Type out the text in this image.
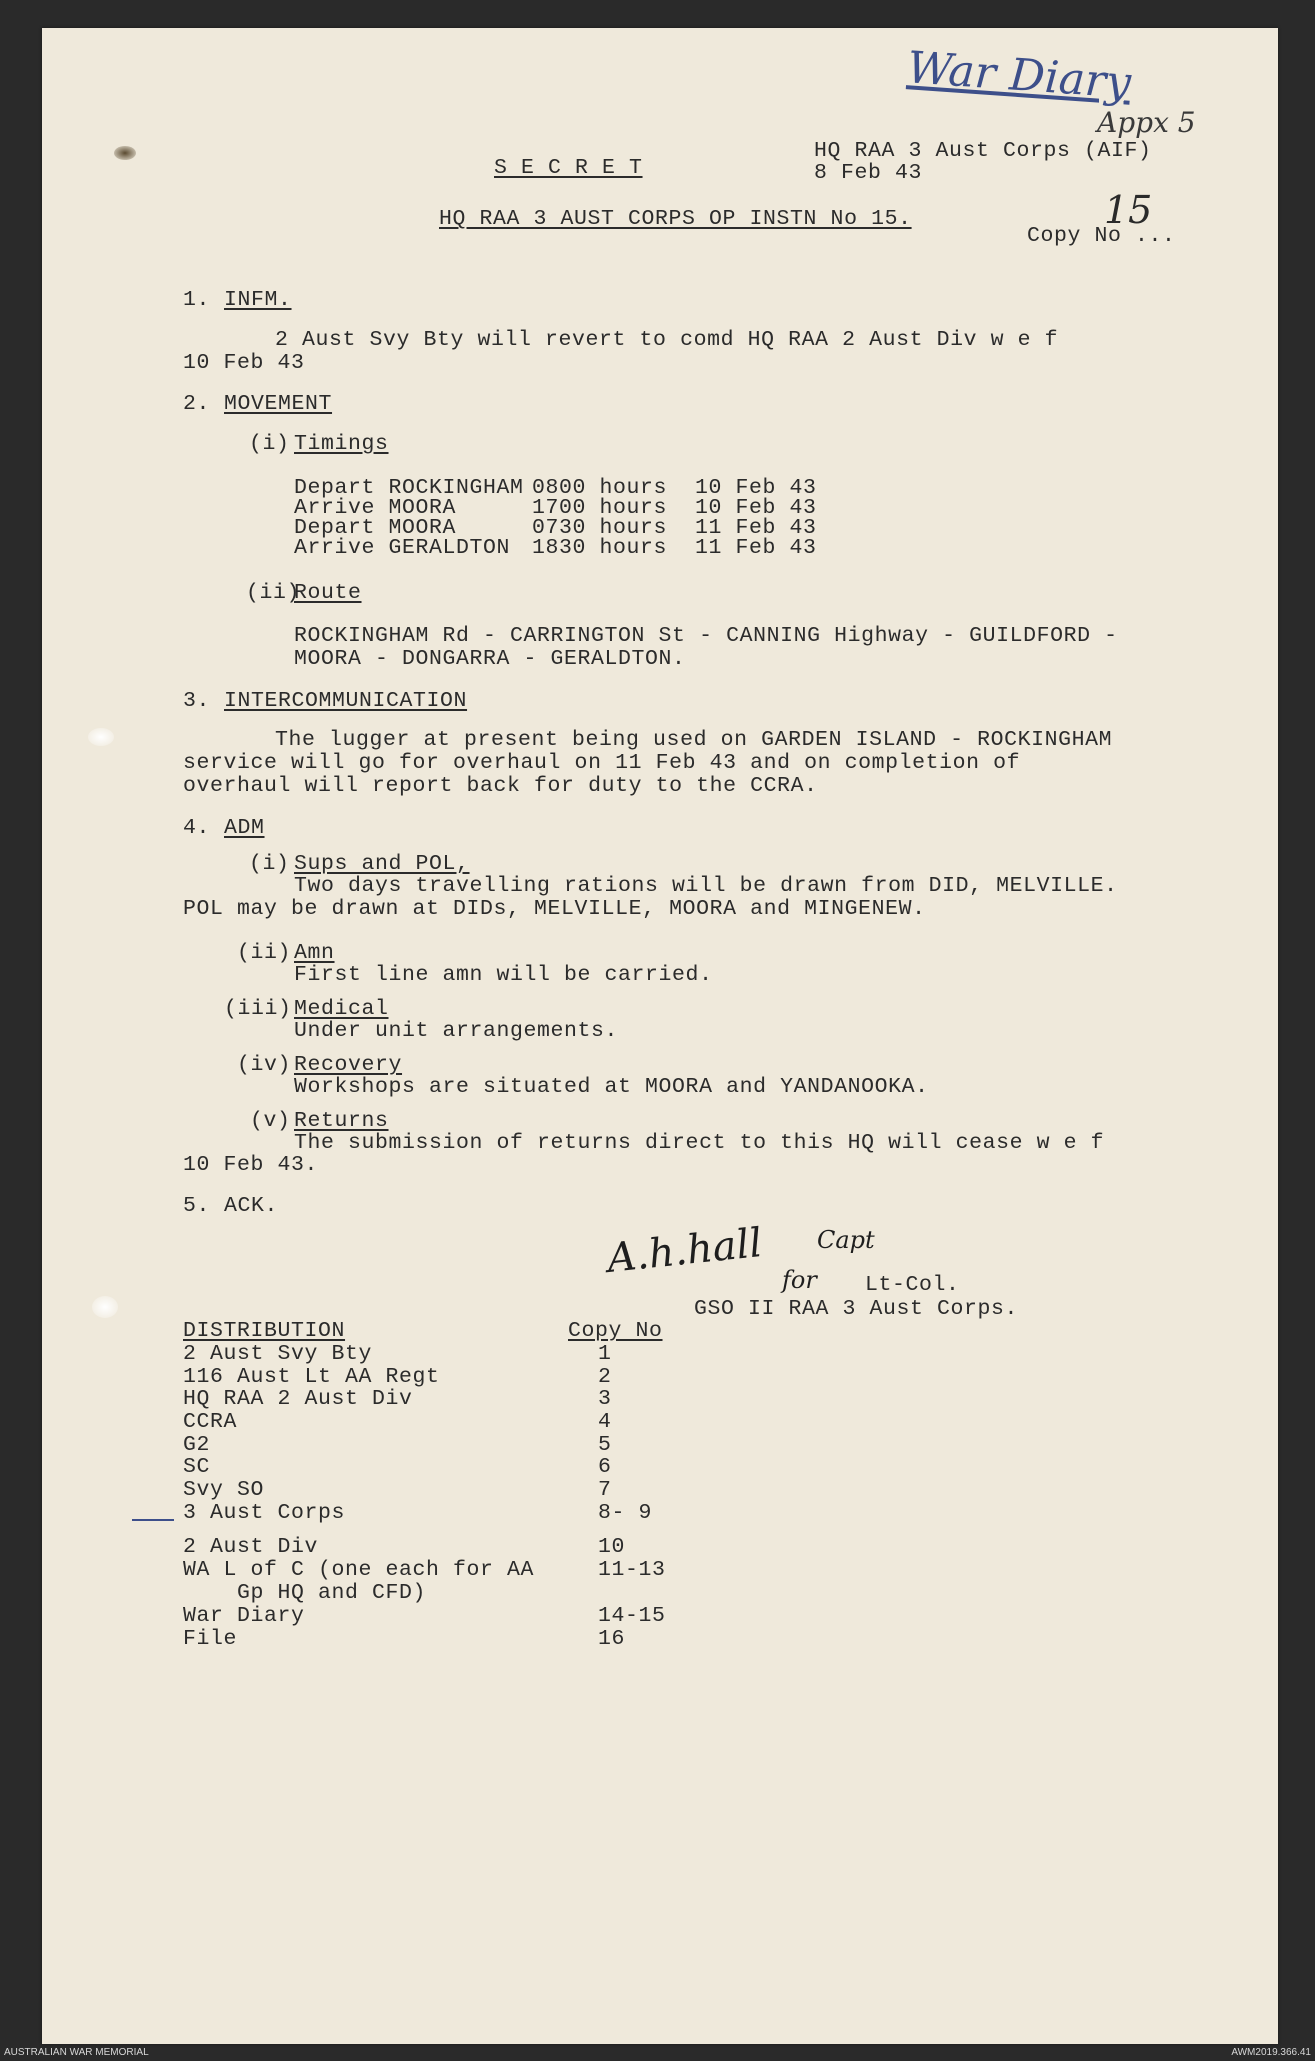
War Diary
Appx 5
S E C R E T
HQ RAA 3 Aust Corps (AIF)
8 Feb 43
HQ RAA 3 AUST CORPS OP INSTN No 15.
Copy No ...
15
1. INFM.
2 Aust Svy Bty will revert to comd HQ RAA 2 Aust Div w e f
10 Feb 43
2. MOVEMENT
(i) Timings
Depart ROCKINGHAM 0800 hours 10 Feb 43
Arrive MOORA	1700 hours 10 Feb 43
Depart MOORA	0730 hours 11 Feb 43
Arrive GERALDTON 1830 hours 11 Feb 43
(ii)
Route
ROCKINGHAM Rd - CARRINGTON St - CANNING Highway - GUILDFORD -
MOORA - DONGARRA - GERALDTON.
3. INTERCOMMUNICATION
The lugger at present being used on GARDEN ISLAND - ROCKINGHAM
service will go for overhaul on 11 Feb 43 and on completion of
overhaul will report back for duty to the CCRA.
4. ADM
(i) Sups and POL,
Two days travelling rations will be drawn from DID, MELVILLE.
POL may be drawn at DIDs, MELVILLE, MOORA and MINGENEW.
(ii) Amn
First line amn will be carried.
(iii) Medical
Under unit arrangements.
(iv) Recovery
Workshops are situated at MOORA and YANDANOOKA.
(v) Returns
The submission of returns direct to this HQ will cease w e f
10 Feb 43.
5. ACK.
A.h.hall Capt
for Lt-Col.
GSO II RAA 3 Aust Corps.
DISTRIBUTION	Copy No
2 Aust Svy Bty	1
116 Aust Lt AA Regt	2
HQ RAA 2 Aust Div	3
CCRA	4
G2	5
SC	6
Svy SO	7
3 Aust Corps	8- 9
2 Aust Div	10
WA L of C (one each for AA	11-13
Gp HQ and CFD)
War Diary	14-15
File	16
AUSTRALIAN WAR MEMORIAL	AWM2019.366.41
